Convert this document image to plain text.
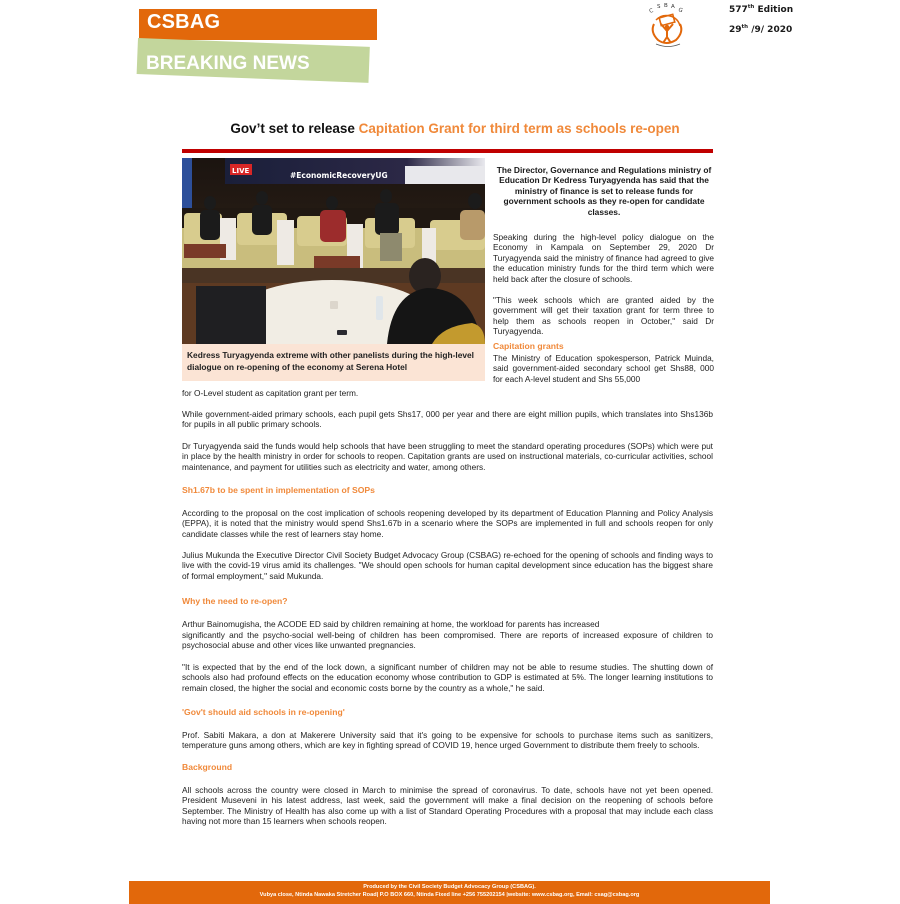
CSBAG
BREAKING NEWS
C
S B A
G	577th Edition
29th /9/ 2020
Gov’t set to release Capitation Grant for third term as schools re-open
LIVE	#EconomicRecoveryUG
Kedress Turyagyenda extreme with other panelists during the high-level dialogue on re-opening of the economy at Serena Hotel
The Director, Governance and Regulations ministry of Education Dr Kedress Turyagyenda has said that the ministry of finance is set to release funds for government schools as they re-open for candidate classes.
Speaking during the high-level policy dialogue on the Economy in Kampala on September 29, 2020 Dr Turyagyenda said the ministry of finance had agreed to give the education ministry funds for the third term which were held back after the closure of schools.
"This week schools which are granted aided by the government will get their taxation grant for term three to help them as schools reopen in October," said Dr Turyagyenda.
Capitation grants
The Ministry of Education spokesperson, Patrick Muinda, said government-aided secondary school get Shs88, 000 for each A-level student and Shs 55,000
for O-Level student as capitation grant per term.
While government-aided primary schools, each pupil gets Shs17, 000 per year and there are eight million pupils, which translates into Shs136b for pupils in all public primary schools.
Dr Turyagyenda said the funds would help schools that have been struggling to meet the standard operating procedures (SOPs) which were put in place by the health ministry in order for schools to reopen. Capitation grants are used on instructional materials, co-curricular activities, school maintenance, and payment for utilities such as electricity and water, among others.
Sh1.67b to be spent in implementation of SOPs
According to the proposal on the cost implication of schools reopening developed by its department of Education Planning and Policy Analysis (EPPA), it is noted that the ministry would spend Shs1.67b in a scenario where the SOPs are implemented in full and schools reopen for only candidate classes while the rest of learners stay home.
Julius Mukunda the Executive Director Civil Society Budget Advocacy Group (CSBAG) re-echoed for the opening of schools and finding ways to live with the covid-19 virus amid its challenges. "We should open schools for human capital development since education has the biggest share of formal employment," said Mukunda.
Why the need to re-open?
Arthur Bainomugisha, the ACODE ED said by children remaining at home, the workload for parents has increased
significantly and the psycho-social well-being of children has been compromised. There are reports of increased exposure of children to psychosocial abuse and other vices like unwanted pregnancies.
"It is expected that by the end of the lock down, a significant number of children may not be able to resume studies. The shutting down of schools also had profound effects on the education economy whose contribution to GDP is estimated at 5%. The longer learning institutions to remain closed, the higher the social and economic costs borne by the country as a whole," he said.
'Gov't should aid schools in re-opening'
Prof. Sabiti Makara, a don at Makerere University said that it's going to be expensive for schools to purchase items such as sanitizers, temperature guns among others, which are key in fighting spread of COVID 19, hence urged Government to distribute them freely to schools.
Background
All schools across the country were closed in March to minimise the spread of coronavirus. To date, schools have not yet been opened. President Museveni in his latest address, last week, said the government will make a final decision on the reopening of schools before September. The Ministry of Health has also come up with a list of Standard Operating Procedures with a proposal that may include each class having not more than 15 learners when schools reopen.
Produced by the Civil Society Budget Advocacy Group (CSBAG).
Vubya close, Ntinda Nawaka Stretcher Road| P.O BOX 660, Ntinda Fixed line +256 755202154 |website: www.csbag.org, Email: csag@csbag.org
